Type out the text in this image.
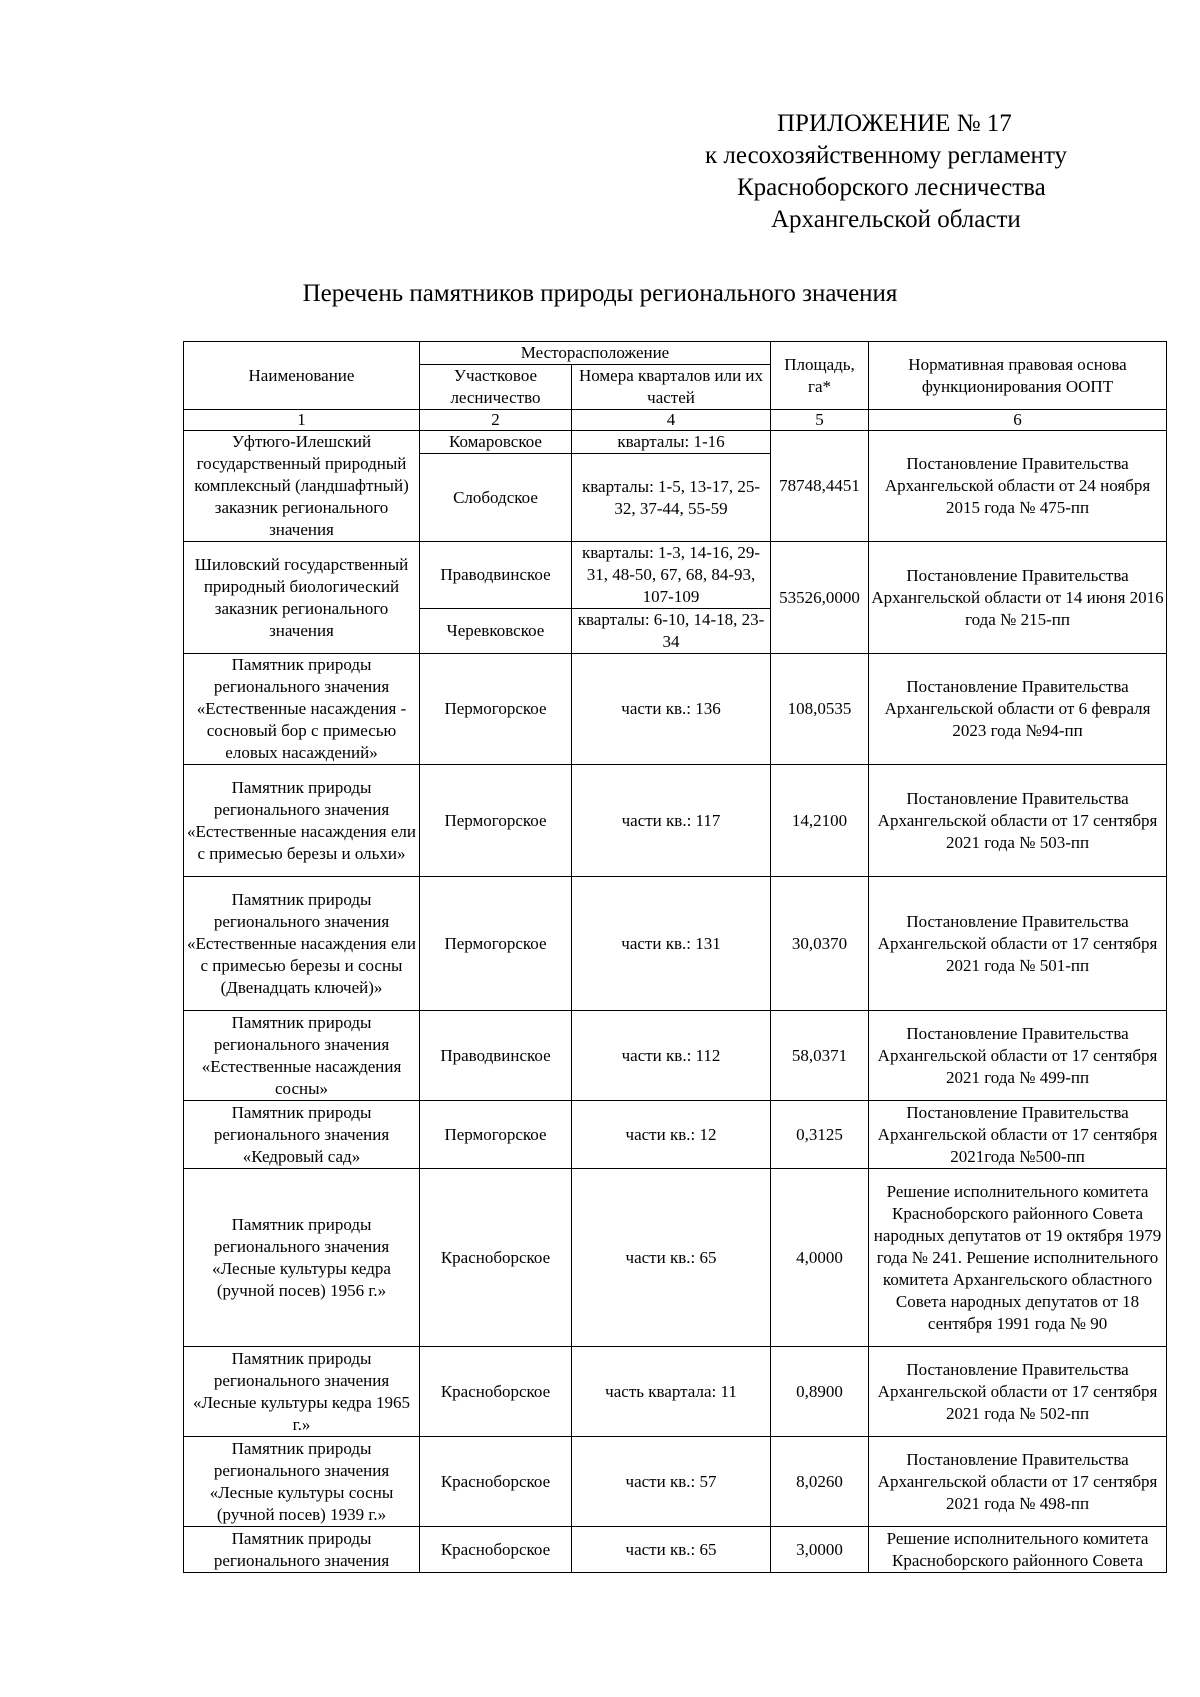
ПРИЛОЖЕНИЕ № 17
к лесохозяйственному регламенту
Красноборского лесничества
Архангельской области
Перечень памятников природы регионального значения
Наименование	Месторасположение		Площадь, га*	Нормативная правовая основа функционирования ООПТ
	Участковое лесничество	Номера кварталов или их частей		
1	2	4	5	6
Уфтюго-Илешский государственный природный комплексный (ландшафтный) заказник регионального значения	Комаровское	кварталы: 1-16	78748,4451	Постановление Правительства Архангельской области от 24 ноября 2015 года № 475-пп
	Слободское	кварталы: 1-5, 13-17, 25-32, 37-44, 55-59		
Шиловский государственный природный биологический заказник регионального значения	Праводвинское	кварталы: 1-3, 14-16, 29-31, 48-50, 67, 68, 84-93, 107-109	53526,0000	Постановление Правительства Архангельской области от 14 июня 2016 года № 215-пп
	Черевковское	кварталы: 6-10, 14-18, 23-34		
Памятник природы регионального значения «Естественные насаждения - сосновый бор с примесью еловых насаждений»	Пермогорское	части кв.: 136	108,0535	Постановление Правительства Архангельской области от 6 февраля 2023 года №94-пп
Памятник природы регионального значения «Естественные насаждения ели с примесью березы и ольхи»	Пермогорское	части кв.: 117	14,2100	Постановление Правительства Архангельской области от 17 сентября 2021 года № 503-пп
Памятник природы регионального значения «Естественные насаждения ели с примесью березы и сосны (Двенадцать ключей)»	Пермогорское	части кв.: 131	30,0370	Постановление Правительства Архангельской области от 17 сентября 2021 года № 501-пп
Памятник природы регионального значения «Естественные насаждения сосны»	Праводвинское	части кв.: 112	58,0371	Постановление Правительства Архангельской области от 17 сентября 2021 года № 499-пп
Памятник природы регионального значения «Кедровый сад»	Пермогорское	части кв.: 12	0,3125	Постановление Правительства Архангельской области от 17 сентября 2021года №500-пп
Памятник природы регионального значения «Лесные культуры кедра (ручной посев) 1956 г.»	Красноборское	части кв.: 65	4,0000	Решение исполнительного комитета Красноборского районного Совета народных депутатов от 19 октября 1979 года № 241. Решение исполнительного комитета Архангельского областного Совета народных депутатов от 18 сентября 1991 года № 90
Памятник природы регионального значения «Лесные культуры кедра 1965 г.»	Красноборское	часть квартала: 11	0,8900	Постановление Правительства Архангельской области от 17 сентября 2021 года № 502-пп
Памятник природы регионального значения «Лесные культуры сосны (ручной посев) 1939 г.»	Красноборское	части кв.: 57	8,0260	Постановление Правительства Архангельской области от 17 сентября 2021 года № 498-пп
Памятник природы регионального значения	Красноборское	части кв.: 65	3,0000	Решение исполнительного комитета Красноборского районного Совета
